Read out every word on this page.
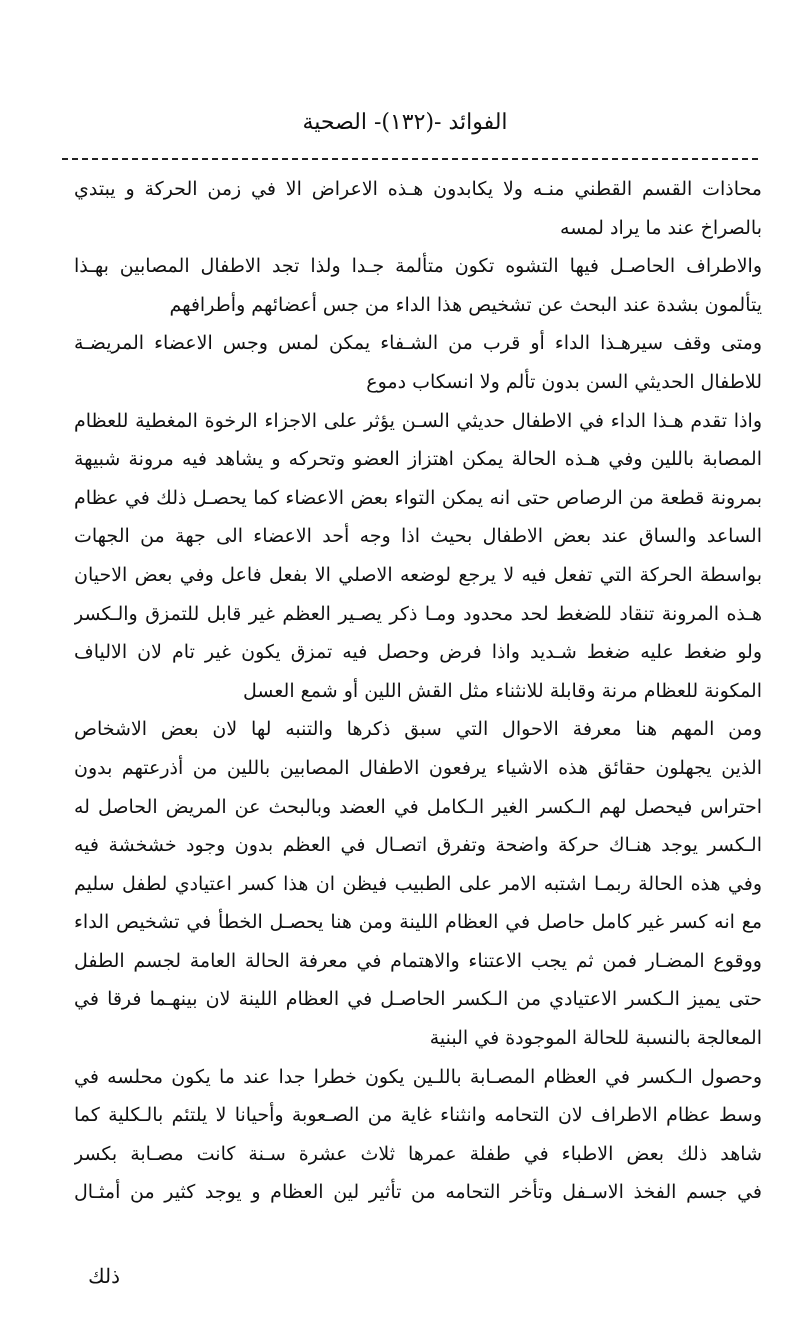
الفوائد -(١٣٢)- الصحية
محاذات القسم القطني منـه ولا يكابدون هـذه الاعراض الا في زمن الحركة و يبتدي
بالصراخ عند ما يراد لمسه
والاطراف الحاصـل فيها التشوه تكون متألمة جـدا ولذا تجد الاطفال المصابين بهـذا
يتألمون بشدة عند البحث عن تشخيص هذا الداء من جس أعضائهم وأطرافهم
ومتى وقف سيرهـذا الداء أو قرب من الشـفاء يمكن لمس وجس الاعضاء المريضـة
للاطفال الحديثي السن بدون تألم ولا انسكاب دموع
واذا تقدم هـذا الداء في الاطفال حديثي السـن يؤثر على الاجزاء الرخوة المغطية للعظام
المصابة باللين وفي هـذه الحالة يمكن اهتزاز العضو وتحركه و يشاهد فيه مرونة شبيهة
بمرونة قطعة من الرصاص حتى انه يمكن التواء بعض الاعضاء كما يحصـل ذلك في عظام
الساعد والساق عند بعض الاطفال بحيث اذا وجه أحد الاعضاء الى جهة من الجهات
بواسطة الحركة التي تفعل فيه لا يرجع لوضعه الاصلي الا بفعل فاعل وفي بعض الاحيان
هـذه المرونة تنقاد للضغط لحد محدود ومـا ذكر يصـير العظم غير قابل للتمزق والـكسر
ولو ضغط عليه ضغط شـديد واذا فرض وحصل فيه تمزق يكون غير تام لان الالياف
المكونة للعظام مرنة وقابلة للانثناء مثل القش اللين أو شمع العسل
ومن المهم هنا معرفة الاحوال التي سبق ذكرها والتنبه لها لان بعض الاشخاص
الذين يجهلون حقائق هذه الاشياء يرفعون الاطفال المصابين باللين من أذرعتهم بدون
احتراس فيحصل لهم الـكسر الغير الـكامل في العضد وبالبحث عن المريض الحاصل له
الـكسر يوجد هنـاك حركة واضحة وتفرق اتصـال في العظم بدون وجود خشخشة فيه
وفي هذه الحالة ربمـا اشتبه الامر على الطبيب فيظن ان هذا كسر اعتيادي لطفل سليم
مع انه كسر غير كامل حاصل في العظام اللينة ومن هنا يحصـل الخطأ في تشخيص الداء
ووقوع المضـار فمن ثم يجب الاعتناء والاهتمام في معرفة الحالة العامة لجسم الطفل
حتى يميز الـكسر الاعتيادي من الـكسر الحاصـل في العظام اللينة لان بينهـما فرقا في
المعالجة بالنسبة للحالة الموجودة في البنية
وحصول الـكسر في العظام المصـابة باللـين يكون خطرا جدا عند ما يكون محلسه في
وسط عظام الاطراف لان التحامه وانثناء غاية من الصـعوبة وأحيانا لا يلتئم بالـكلية كما
شاهد ذلك بعض الاطباء في طفلة عمرها ثلاث عشرة سـنة كانت مصـابة بكسر
في جسم الفخذ الاسـفل وتأخر التحامه من تأثير لين العظام و يوجد كثير من أمثـال
ذلك
